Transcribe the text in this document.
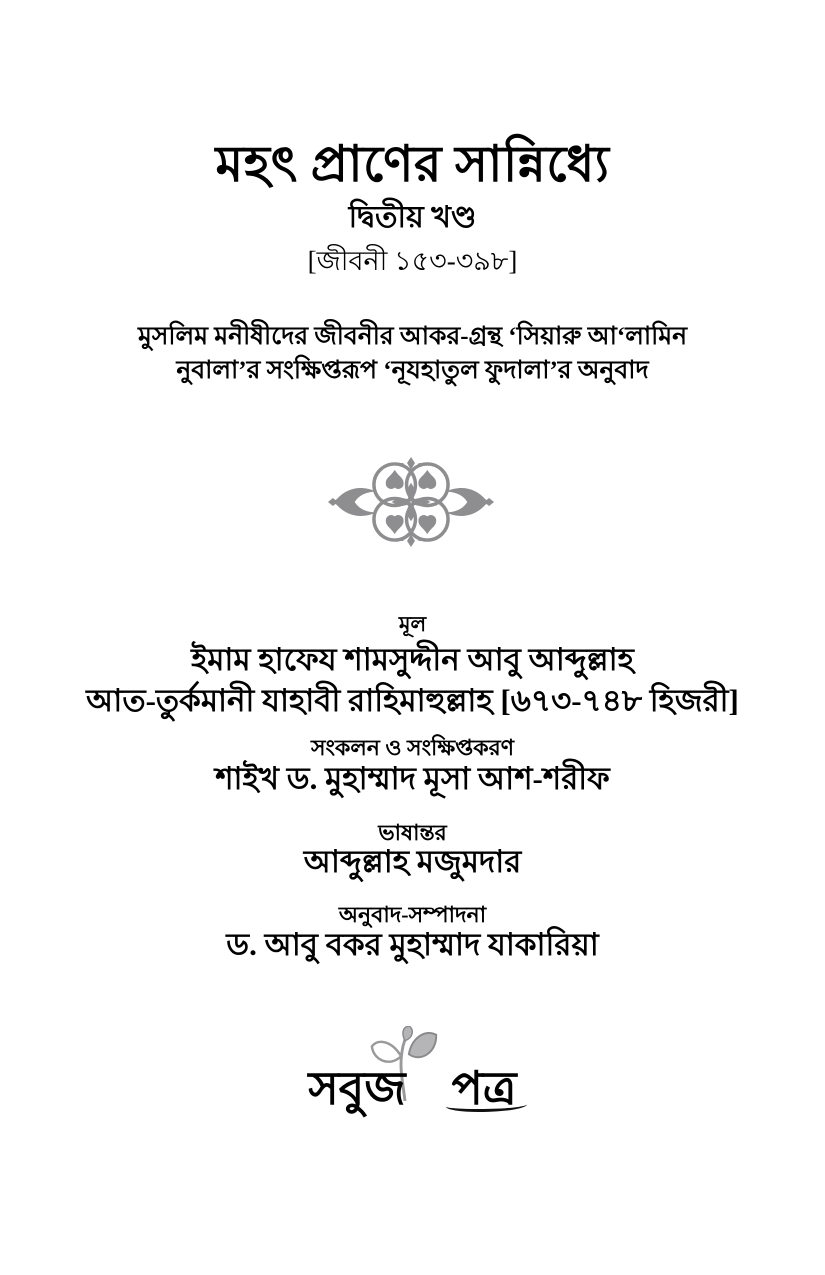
মহৎ প্রাণের সান্নিধ্যে
দ্বিতীয় খণ্ড
[জীবনী ১৫৩-৩৯৮]
মুসলিম মনীষীদের জীবনীর আকর-গ্রন্থ ‘সিয়ারু আ‘লামিন
নুবালা’র সংক্ষিপ্তরূপ ‘নূযহাতুল ফুদালা’র অনুবাদ
মূল
ইমাম হাফেয শামসুদ্দীন আবু আব্দুল্লাহ
আত-তুর্কমানী যাহাবী রাহিমাহুল্লাহ [৬৭৩-৭৪৮ হিজরী]
সংকলন ও সংক্ষিপ্তকরণ
শাইখ ড. মুহাম্মাদ মূসা আশ-শরীফ
ভাষান্তর
আব্দুল্লাহ মজুমদার
অনুবাদ-সম্পাদনা
ড. আবু বকর মুহাম্মাদ যাকারিয়া
সবুজ পত্র
